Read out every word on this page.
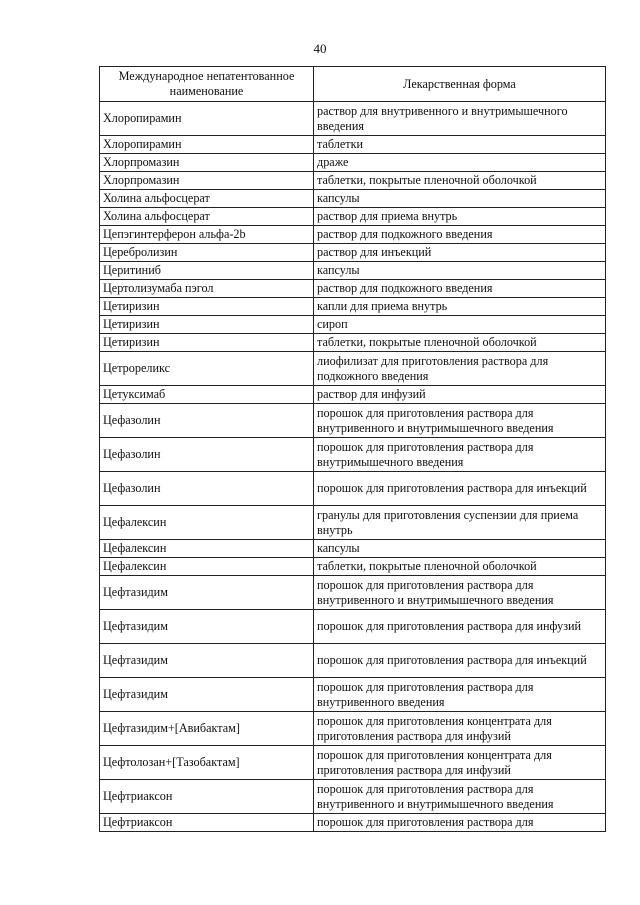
40
Международное непатентованное наименование	Лекарственная форма
Хлоропирамин	раствор для внутривенного и внутримышечного введения
Хлоропирамин	таблетки
Хлорпромазин	драже
Хлорпромазин	таблетки, покрытые пленочной оболочкой
Холина альфосцерат	капсулы
Холина альфосцерат	раствор для приема внутрь
Цепэгинтерферон альфа-2b	раствор для подкожного введения
Церебролизин	раствор для инъекций
Церитиниб	капсулы
Цертолизумаба пэгол	раствор для подкожного введения
Цетиризин	капли для приема внутрь
Цетиризин	сироп
Цетиризин	таблетки, покрытые пленочной оболочкой
Цетрореликс	лиофилизат для приготовления раствора для подкожного введения
Цетуксимаб	раствор для инфузий
Цефазолин	порошок для приготовления раствора для внутривенного и внутримышечного введения
Цефазолин	порошок для приготовления раствора для внутримышечного введения
Цефазолин	порошок для приготовления раствора для инъекций
Цефалексин	гранулы для приготовления суспензии для приема внутрь
Цефалексин	капсулы
Цефалексин	таблетки, покрытые пленочной оболочкой
Цефтазидим	порошок для приготовления раствора для внутривенного и внутримышечного введения
Цефтазидим	порошок для приготовления раствора для инфузий
Цефтазидим	порошок для приготовления раствора для инъекций
Цефтазидим	порошок для приготовления раствора для внутривенного введения
Цефтазидим+[Авибактам]	порошок для приготовления концентрата для приготовления раствора для инфузий
Цефтолозан+[Тазобактам]	порошок для приготовления концентрата для приготовления раствора для инфузий
Цефтриаксон	порошок для приготовления раствора для внутривенного и внутримышечного введения
Цефтриаксон	порошок для приготовления раствора для
